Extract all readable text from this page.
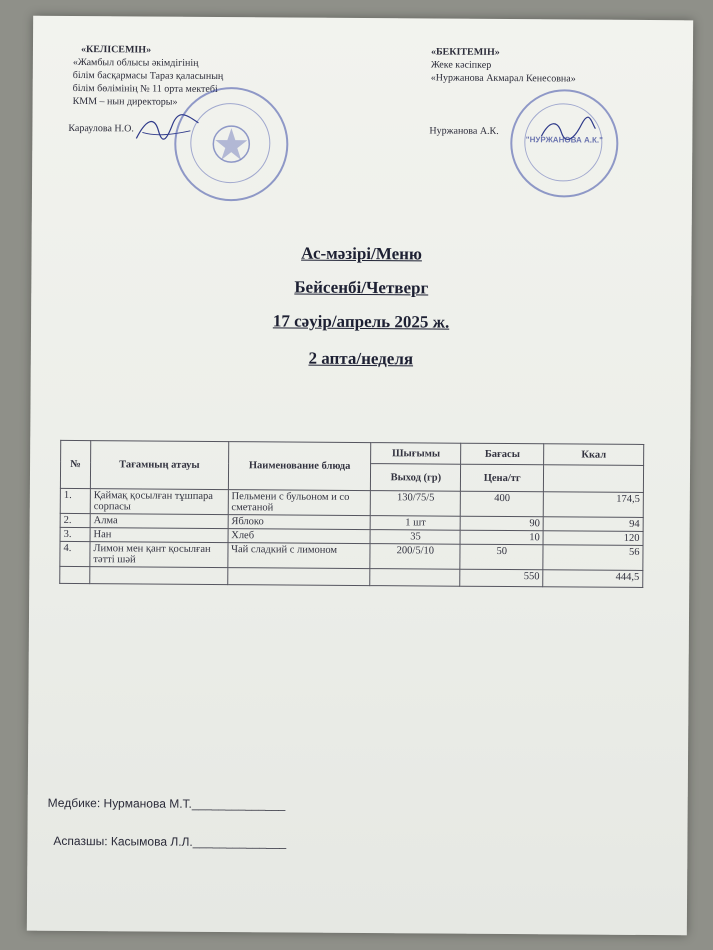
«КЕЛІСЕМІН»
«Жамбыл облысы әкімдігінің
білім басқармасы Тараз қаласының
білім бөлімінің № 11 орта мектебі
КММ – нын директоры»
Караулова Н.О.
«БЕКІТЕМІН»
Жеке кәсіпкер
«Нуржанова Акмарал Кенесовна»
Нуржанова А.К.
"НУРЖАНОВА А.К."
Ас-мәзірі/Меню
Бейсенбі/Четверг
17 сәуір/апрель 2025 ж.
2 апта/неделя
№	Тағамның атауы	Наименование блюда	Шығымы	Бағасы	Ккал
			Выход (гр)	Цена/тг	
1.	Қаймақ қосылған тұшпара сорпасы	Пельмени с бульоном и со сметаной	130/75/5	400	174,5
2.	Алма	Яблоко	1 шт	90	94
3.	Нан	Хлеб	35	10	120
4.	Лимон мен қант қосылған тәтті шәй	Чай сладкий с лимоном	200/5/10	50	56
				550	444,5
Медбике: Нурманова М.Т.______________
Аспазшы: Касымова Л.Л.______________
